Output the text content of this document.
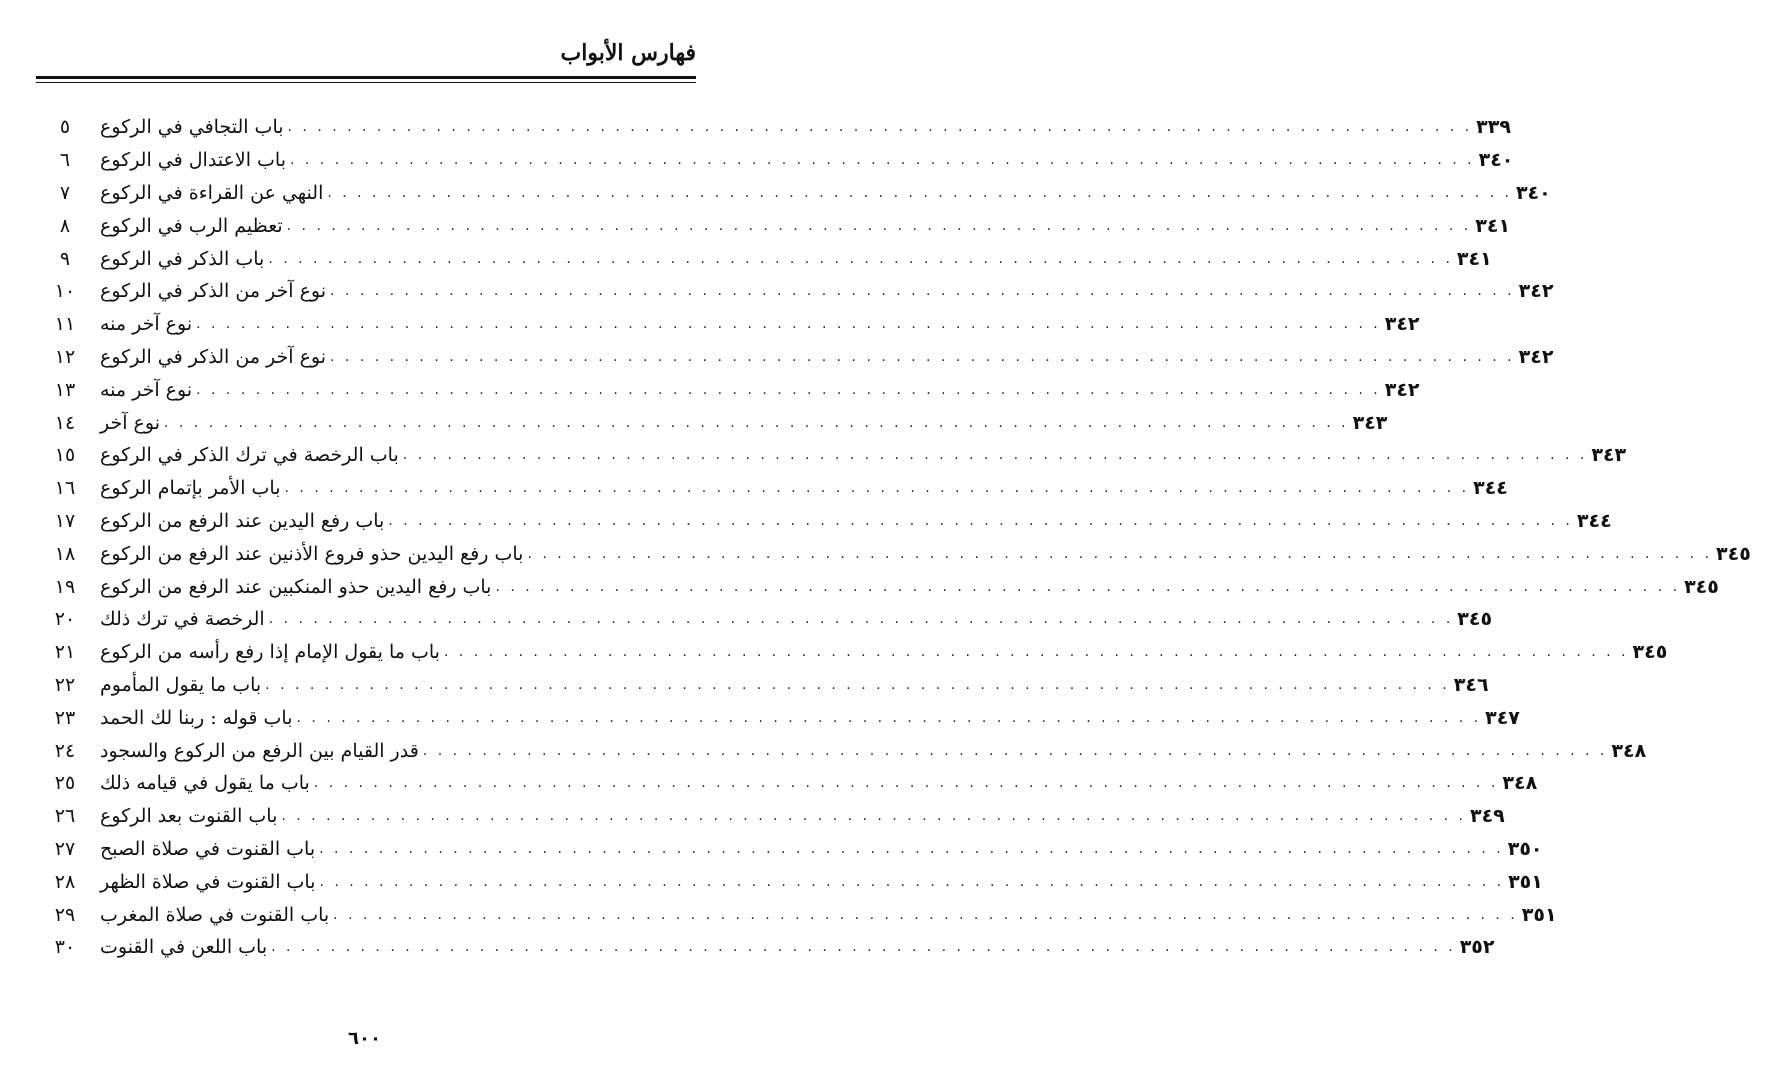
فهارس الأبواب
٥	باب التجافي في الركوع . . . . . . . . . . . . . . . . . . . . . . . . . . . . . . . . . . . . . . . . . . . . . . . . . . . . . . . . . . . . . . . . . . . . . . . . . . . . . . . . ٣٣٩
٦	باب الاعتدال في الركوع . . . . . . . . . . . . . . . . . . . . . . . . . . . . . . . . . . . . . . . . . . . . . . . . . . . . . . . . . . . . . . . . . . . . . . . . . . . . . . . . ٣٤٠
٧	النهي عن القراءة في الركوع . . . . . . . . . . . . . . . . . . . . . . . . . . . . . . . . . . . . . . . . . . . . . . . . . . . . . . . . . . . . . . . . . . . . . . . . . . . . . . . . ٣٤٠
٨	تعظيم الرب في الركوع . . . . . . . . . . . . . . . . . . . . . . . . . . . . . . . . . . . . . . . . . . . . . . . . . . . . . . . . . . . . . . . . . . . . . . . . . . . . . . . . ٣٤١
٩	باب الذكر في الركوع . . . . . . . . . . . . . . . . . . . . . . . . . . . . . . . . . . . . . . . . . . . . . . . . . . . . . . . . . . . . . . . . . . . . . . . . . . . . . . . . ٣٤١
١٠	نوع آخر من الذكر في الركوع . . . . . . . . . . . . . . . . . . . . . . . . . . . . . . . . . . . . . . . . . . . . . . . . . . . . . . . . . . . . . . . . . . . . . . . . . . . . . . . . ٣٤٢
١١	نوع آخر منه . . . . . . . . . . . . . . . . . . . . . . . . . . . . . . . . . . . . . . . . . . . . . . . . . . . . . . . . . . . . . . . . . . . . . . . . . . . . . . . . ٣٤٢
١٢	نوع آخر من الذكر في الركوع . . . . . . . . . . . . . . . . . . . . . . . . . . . . . . . . . . . . . . . . . . . . . . . . . . . . . . . . . . . . . . . . . . . . . . . . . . . . . . . . ٣٤٢
١٣	نوع آخر منه . . . . . . . . . . . . . . . . . . . . . . . . . . . . . . . . . . . . . . . . . . . . . . . . . . . . . . . . . . . . . . . . . . . . . . . . . . . . . . . . ٣٤٢
١٤	نوع آخر . . . . . . . . . . . . . . . . . . . . . . . . . . . . . . . . . . . . . . . . . . . . . . . . . . . . . . . . . . . . . . . . . . . . . . . . . . . . . . . . ٣٤٣
١٥	باب الرخصة في ترك الذكر في الركوع . . . . . . . . . . . . . . . . . . . . . . . . . . . . . . . . . . . . . . . . . . . . . . . . . . . . . . . . . . . . . . . . . . . . . . . . . . . . . . . . ٣٤٣
١٦	باب الأمر بإتمام الركوع . . . . . . . . . . . . . . . . . . . . . . . . . . . . . . . . . . . . . . . . . . . . . . . . . . . . . . . . . . . . . . . . . . . . . . . . . . . . . . . . ٣٤٤
١٧	باب رفع اليدين عند الرفع من الركوع . . . . . . . . . . . . . . . . . . . . . . . . . . . . . . . . . . . . . . . . . . . . . . . . . . . . . . . . . . . . . . . . . . . . . . . . . . . . . . . . ٣٤٤
١٨	باب رفع اليدين حذو فروع الأذنين عند الرفع من الركوع . . . . . . . . . . . . . . . . . . . . . . . . . . . . . . . . . . . . . . . . . . . . . . . . . . . . . . . . . . . . . . . . . . . . . . . . . . . . . . . . ٣٤٥
١٩	باب رفع اليدين حذو المنكبين عند الرفع من الركوع . . . . . . . . . . . . . . . . . . . . . . . . . . . . . . . . . . . . . . . . . . . . . . . . . . . . . . . . . . . . . . . . . . . . . . . . . . . . . . . . ٣٤٥
٢٠	الرخصة في ترك ذلك . . . . . . . . . . . . . . . . . . . . . . . . . . . . . . . . . . . . . . . . . . . . . . . . . . . . . . . . . . . . . . . . . . . . . . . . . . . . . . . . ٣٤٥
٢١	باب ما يقول الإمام إذا رفع رأسه من الركوع . . . . . . . . . . . . . . . . . . . . . . . . . . . . . . . . . . . . . . . . . . . . . . . . . . . . . . . . . . . . . . . . . . . . . . . . . . . . . . . . ٣٤٥
٢٢	باب ما يقول المأموم . . . . . . . . . . . . . . . . . . . . . . . . . . . . . . . . . . . . . . . . . . . . . . . . . . . . . . . . . . . . . . . . . . . . . . . . . . . . . . . . ٣٤٦
٢٣	باب قوله : ربنا لك الحمد . . . . . . . . . . . . . . . . . . . . . . . . . . . . . . . . . . . . . . . . . . . . . . . . . . . . . . . . . . . . . . . . . . . . . . . . . . . . . . . . ٣٤٧
٢٤	قدر القيام بين الرفع من الركوع والسجود . . . . . . . . . . . . . . . . . . . . . . . . . . . . . . . . . . . . . . . . . . . . . . . . . . . . . . . . . . . . . . . . . . . . . . . . . . . . . . . . ٣٤٨
٢٥	باب ما يقول في قيامه ذلك . . . . . . . . . . . . . . . . . . . . . . . . . . . . . . . . . . . . . . . . . . . . . . . . . . . . . . . . . . . . . . . . . . . . . . . . . . . . . . . . ٣٤٨
٢٦	باب القنوت بعد الركوع . . . . . . . . . . . . . . . . . . . . . . . . . . . . . . . . . . . . . . . . . . . . . . . . . . . . . . . . . . . . . . . . . . . . . . . . . . . . . . . . ٣٤٩
٢٧	باب القنوت في صلاة الصبح . . . . . . . . . . . . . . . . . . . . . . . . . . . . . . . . . . . . . . . . . . . . . . . . . . . . . . . . . . . . . . . . . . . . . . . . . . . . . . . . ٣٥٠
٢٨	باب القنوت في صلاة الظهر . . . . . . . . . . . . . . . . . . . . . . . . . . . . . . . . . . . . . . . . . . . . . . . . . . . . . . . . . . . . . . . . . . . . . . . . . . . . . . . . ٣٥١
٢٩	باب القنوت في صلاة المغرب . . . . . . . . . . . . . . . . . . . . . . . . . . . . . . . . . . . . . . . . . . . . . . . . . . . . . . . . . . . . . . . . . . . . . . . . . . . . . . . . ٣٥١
٣٠	باب اللعن في القنوت . . . . . . . . . . . . . . . . . . . . . . . . . . . . . . . . . . . . . . . . . . . . . . . . . . . . . . . . . . . . . . . . . . . . . . . . . . . . . . . . ٣٥٢
٦٠٠
